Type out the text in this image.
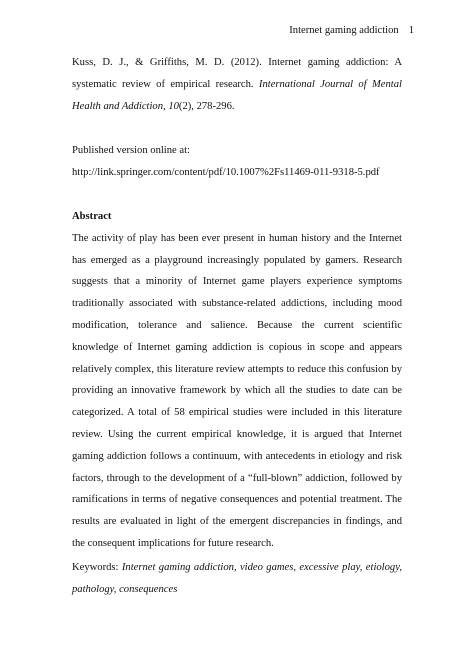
Internet gaming addiction 1
Kuss, D. J., & Griffiths, M. D. (2012). Internet gaming addiction: A systematic review of empirical research. International Journal of Mental Health and Addiction, 10(2), 278-296.

Published version online at:

http://link.springer.com/content/pdf/10.1007%2Fs11469-011-9318-5.pdf

Abstract

The activity of play has been ever present in human history and the Internet has emerged as a playground increasingly populated by gamers. Research suggests that a minority of Internet game players experience symptoms traditionally associated with substance-related addictions, including mood modification, tolerance and salience. Because the current scientific knowledge of Internet gaming addiction is copious in scope and appears relatively complex, this literature review attempts to reduce this confusion by providing an innovative framework by which all the studies to date can be categorized. A total of 58 empirical studies were included in this literature review. Using the current empirical knowledge, it is argued that Internet gaming addiction follows a continuum, with antecedents in etiology and risk factors, through to the development of a “full-blown” addiction, followed by ramifications in terms of negative consequences and potential treatment. The results are evaluated in light of the emergent discrepancies in findings, and the consequent implications for future research.

Keywords: Internet gaming addiction, video games, excessive play, etiology, pathology, consequences
